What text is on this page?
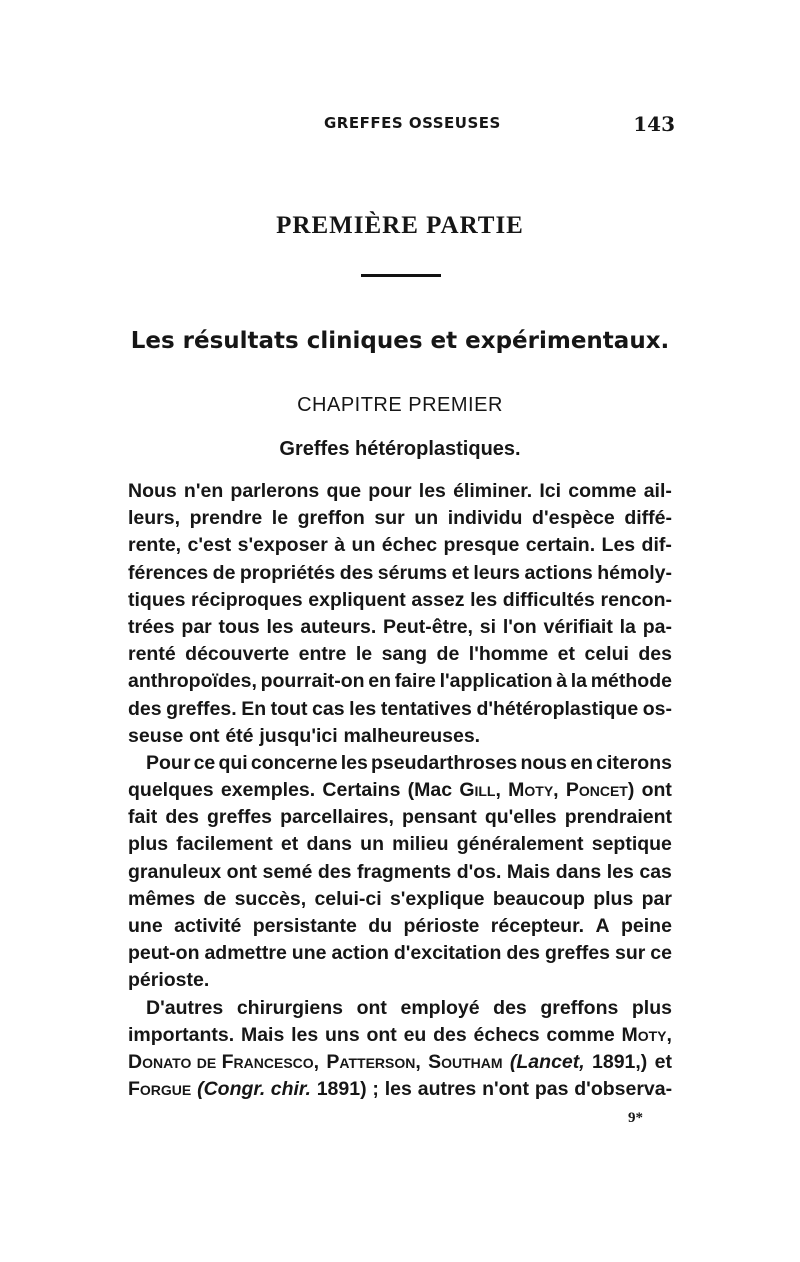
GREFFES OSSEUSES	143
PREMIÈRE PARTIE
Les résultats cliniques et expérimentaux.
CHAPITRE PREMIER
Greffes hétéroplastiques.
Nous n'en parlerons que pour les éliminer. Ici comme ail-
leurs, prendre le greffon sur un individu d'espèce diffé-
rente, c'est s'exposer à un échec presque certain. Les dif-
férences de propriétés des sérums et leurs actions hémoly-
tiques réciproques expliquent assez les difficultés rencon-
trées par tous les auteurs. Peut-être, si l'on vérifiait la pa-
renté découverte entre le sang de l'homme et celui des
anthropoïdes, pourrait-on en faire l'application à la méthode
des greffes. En tout cas les tentatives d'hétéroplastique os-
seuse ont été jusqu'ici malheureuses.
Pour ce qui concerne les pseudarthroses nous en citerons
quelques exemples. Certains (Mac Gill, Moty, Poncet) ont
fait des greffes parcellaires, pensant qu'elles prendraient
plus facilement et dans un milieu généralement septique
granuleux ont semé des fragments d'os. Mais dans les cas
mêmes de succès, celui-ci s'explique beaucoup plus par
une activité persistante du périoste récepteur. A peine
peut-on admettre une action d'excitation des greffes sur ce
périoste.
D'autres chirurgiens ont employé des greffons plus
importants. Mais les uns ont eu des échecs comme Moty,
Donato de Francesco, Patterson, Southam (Lancet, 1891,) et
Forgue (Congr. chir. 1891) ; les autres n'ont pas d'observa-
9*
